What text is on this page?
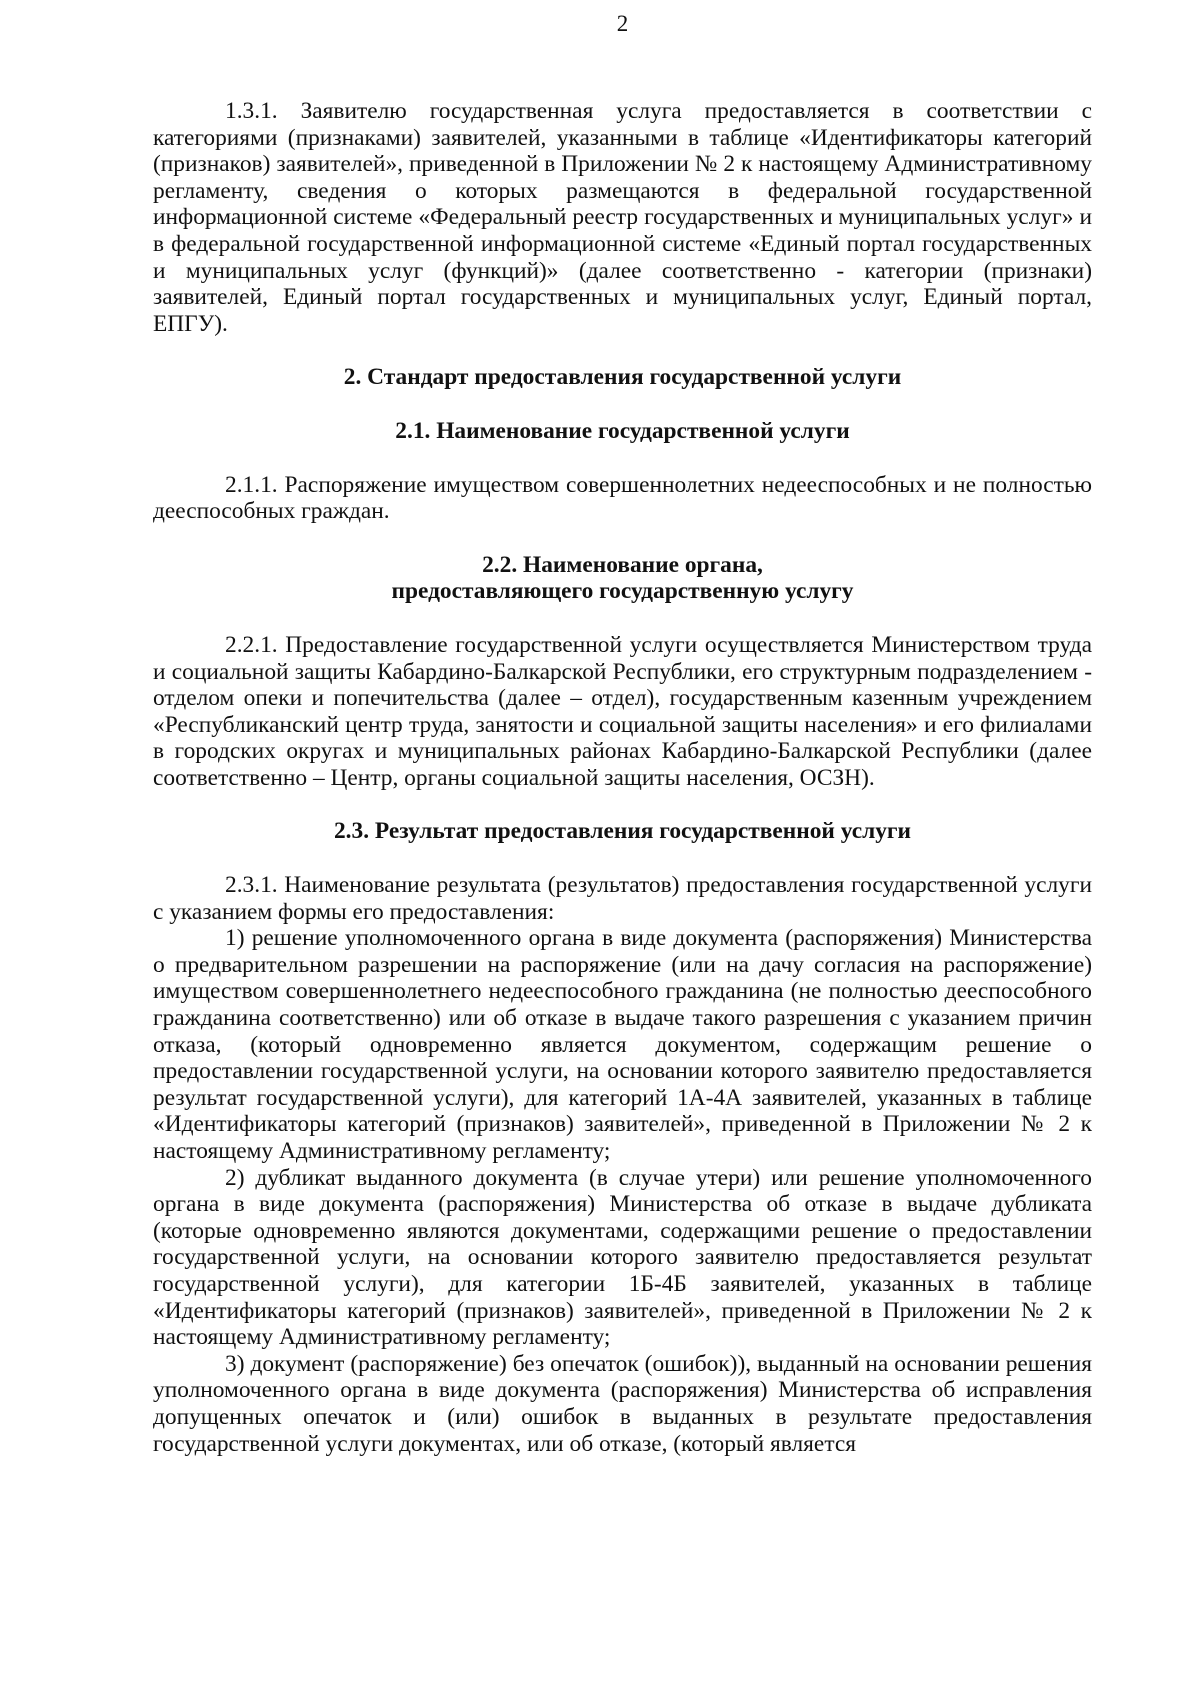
2

1.3.1. Заявителю государственная услуга предоставляется в соответствии с категориями (признаками) заявителей, указанными в таблице «Идентификаторы категорий (признаков) заявителей», приведенной в Приложении № 2 к настоящему Административному регламенту, сведения о которых размещаются в федеральной государственной информационной системе «Федеральный реестр государственных и муниципальных услуг» и в федеральной государственной информационной системе «Единый портал государственных и муниципальных услуг (функций)» (далее соответственно - категории (признаки) заявителей, Единый портал государственных и муниципальных услуг, Единый портал, ЕПГУ).

2. Стандарт предоставления государственной услуги
2.1. Наименование государственной услуги

2.1.1. Распоряжение имуществом совершеннолетних недееспособных и не полностью дееспособных граждан.

2.2. Наименование органа,
предоставляющего государственную услугу

2.2.1. Предоставление государственной услуги осуществляется Министерством труда и социальной защиты Кабардино-Балкарской Республики, его структурным подразделением - отделом опеки и попечительства (далее – отдел), государственным казенным учреждением «Республиканский центр труда, занятости и социальной защиты населения» и его филиалами в городских округах и муниципальных районах Кабардино-Балкарской Республики (далее соответственно – Центр, органы социальной защиты населения, ОСЗН).

2.3. Результат предоставления государственной услуги

2.3.1. Наименование результата (результатов) предоставления государственной услуги с указанием формы его предоставления:

1) решение уполномоченного органа в виде документа (распоряжения) Министерства о предварительном разрешении на распоряжение (или на дачу согласия на распоряжение) имуществом совершеннолетнего недееспособного гражданина (не полностью дееспособного гражданина соответственно) или об отказе в выдаче такого разрешения с указанием причин отказа, (который одновременно является документом, содержащим решение о предоставлении государственной услуги, на основании которого заявителю предоставляется результат государственной услуги), для категорий 1А-4А заявителей, указанных в таблице «Идентификаторы категорий (признаков) заявителей», приведенной в Приложении № 2 к настоящему Административному регламенту;

2) дубликат выданного документа (в случае утери) или решение уполномоченного органа в виде документа (распоряжения) Министерства об отказе в выдаче дубликата (которые одновременно являются документами, содержащими решение о предоставлении государственной услуги, на основании которого заявителю предоставляется результат государственной услуги), для категории 1Б-4Б заявителей, указанных в таблице «Идентификаторы категорий (признаков) заявителей», приведенной в Приложении № 2 к настоящему Административному регламенту;

3) документ (распоряжение) без опечаток (ошибок)), выданный на основании решения уполномоченного органа в виде документа (распоряжения) Министерства об исправления допущенных опечаток и (или) ошибок в выданных в результате предоставления государственной услуги документах, или об отказе, (который является
